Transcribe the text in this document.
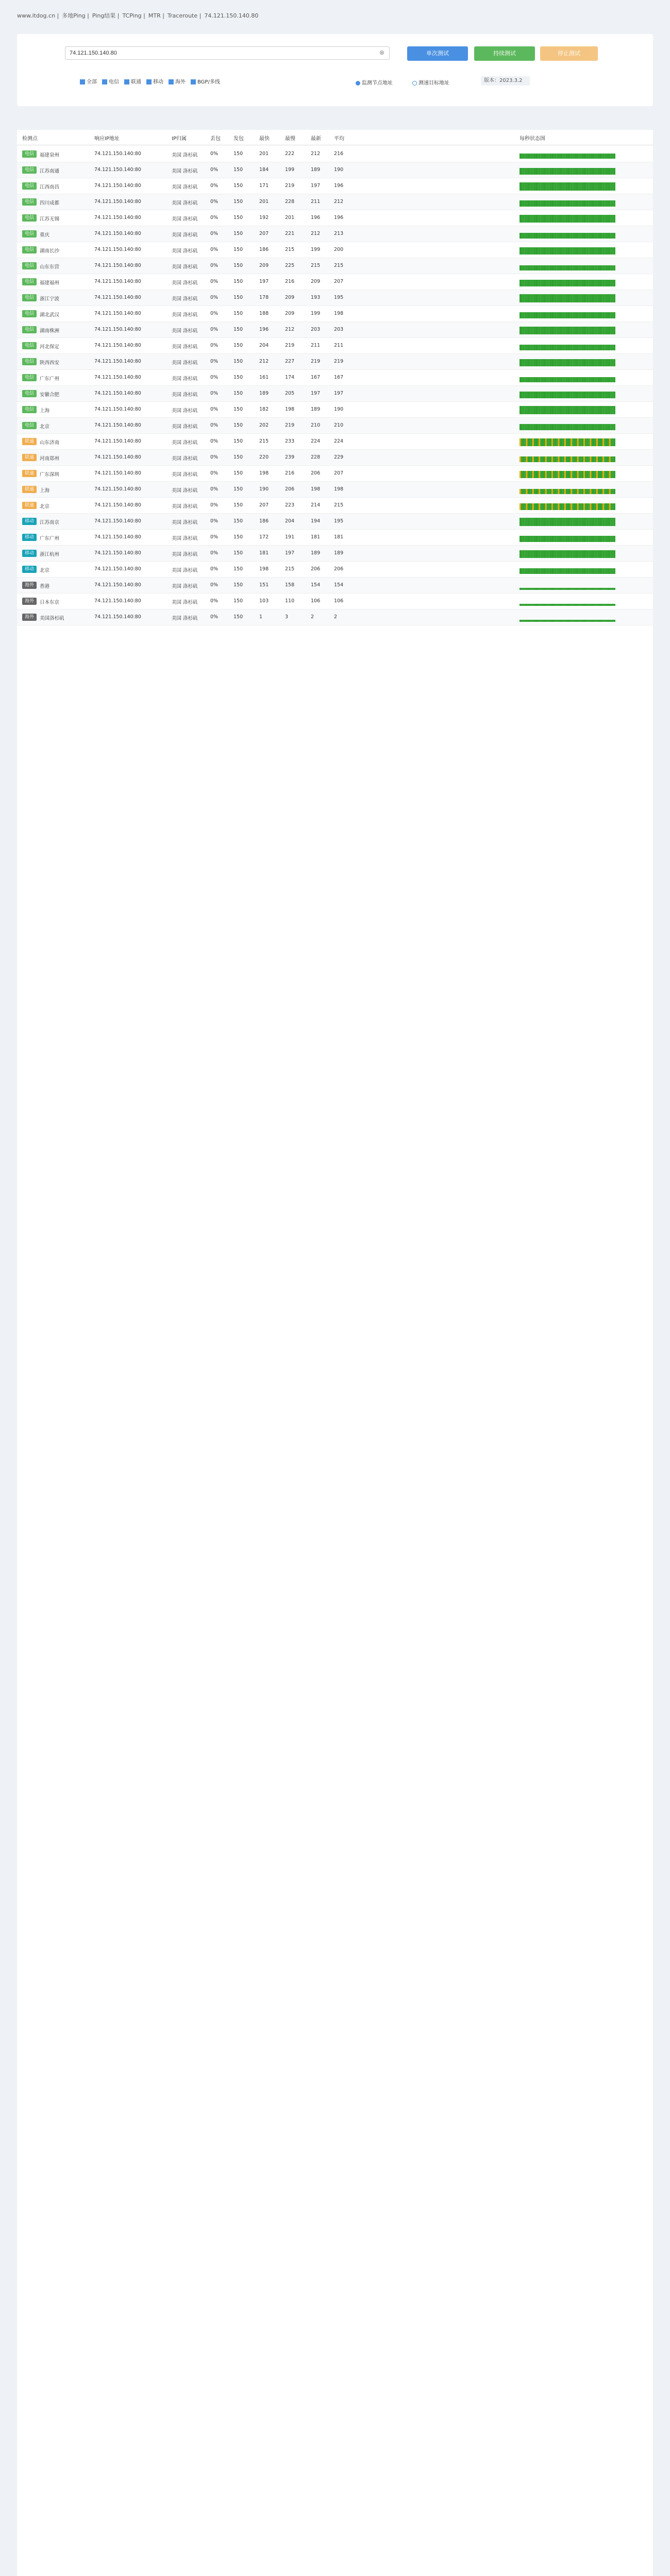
www.itdog.cn | 多地Ping | Ping结果 | TCPing | MTR | Traceroute | 74.121.150.140.80
74.121.150.140.80
⊗	单次测试	持续测试	停止测试
全部 电信 联通 移动 海外 BGP/多线	监测节点地址	测速目标地址	版本：2023.3.2
检测点	响应IP地址	IP归属	丢包	发包	最快	最慢	最新	平均	每秒状态图
电信	福建泉州	74.121.150.140:80	美国 洛杉矶	0%	150	201	222	212	216
电信	江苏南通	74.121.150.140:80	美国 洛杉矶	0%	150	184	199	189	190
电信	江西南昌	74.121.150.140:80	美国 洛杉矶	0%	150	171	219	197	196
电信	四川成都	74.121.150.140:80	美国 洛杉矶	0%	150	201	228	211	212
电信	江苏无锡	74.121.150.140:80	美国 洛杉矶	0%	150	192	201	196	196
电信	重庆	74.121.150.140:80	美国 洛杉矶	0%	150	207	221	212	213
电信	湖南长沙	74.121.150.140:80	美国 洛杉矶	0%	150	186	215	199	200
电信	山东东营	74.121.150.140:80	美国 洛杉矶	0%	150	209	225	215	215
电信	福建福州	74.121.150.140:80	美国 洛杉矶	0%	150	197	216	209	207
电信	浙江宁波	74.121.150.140:80	美国 洛杉矶	0%	150	178	209	193	195
电信	湖北武汉	74.121.150.140:80	美国 洛杉矶	0%	150	188	209	199	198
电信	湖南株洲	74.121.150.140:80	美国 洛杉矶	0%	150	196	212	203	203
电信	河北保定	74.121.150.140:80	美国 洛杉矶	0%	150	204	219	211	211
电信	陕西西安	74.121.150.140:80	美国 洛杉矶	0%	150	212	227	219	219
电信	广东广州	74.121.150.140:80	美国 洛杉矶	0%	150	161	174	167	167
电信	安徽合肥	74.121.150.140:80	美国 洛杉矶	0%	150	189	205	197	197
电信	上海	74.121.150.140:80	美国 洛杉矶	0%	150	182	198	189	190
电信	北京	74.121.150.140:80	美国 洛杉矶	0%	150	202	219	210	210
联通	山东济南	74.121.150.140:80	美国 洛杉矶	0%	150	215	233	224	224
联通	河南郑州	74.121.150.140:80	美国 洛杉矶	0%	150	220	239	228	229
联通	广东深圳	74.121.150.140:80	美国 洛杉矶	0%	150	198	216	206	207
联通	上海	74.121.150.140:80	美国 洛杉矶	0%	150	190	206	198	198
联通	北京	74.121.150.140:80	美国 洛杉矶	0%	150	207	223	214	215
移动	江苏南京	74.121.150.140:80	美国 洛杉矶	0%	150	186	204	194	195
移动	广东广州	74.121.150.140:80	美国 洛杉矶	0%	150	172	191	181	181
移动	浙江杭州	74.121.150.140:80	美国 洛杉矶	0%	150	181	197	189	189
移动	北京	74.121.150.140:80	美国 洛杉矶	0%	150	198	215	206	206
海外	香港	74.121.150.140:80	美国 洛杉矶	0%	150	151	158	154	154
海外	日本东京	74.121.150.140:80	美国 洛杉矶	0%	150	103	110	106	106
海外	美国洛杉矶	74.121.150.140:80	美国 洛杉矶	0%	150	1	3	2	2
